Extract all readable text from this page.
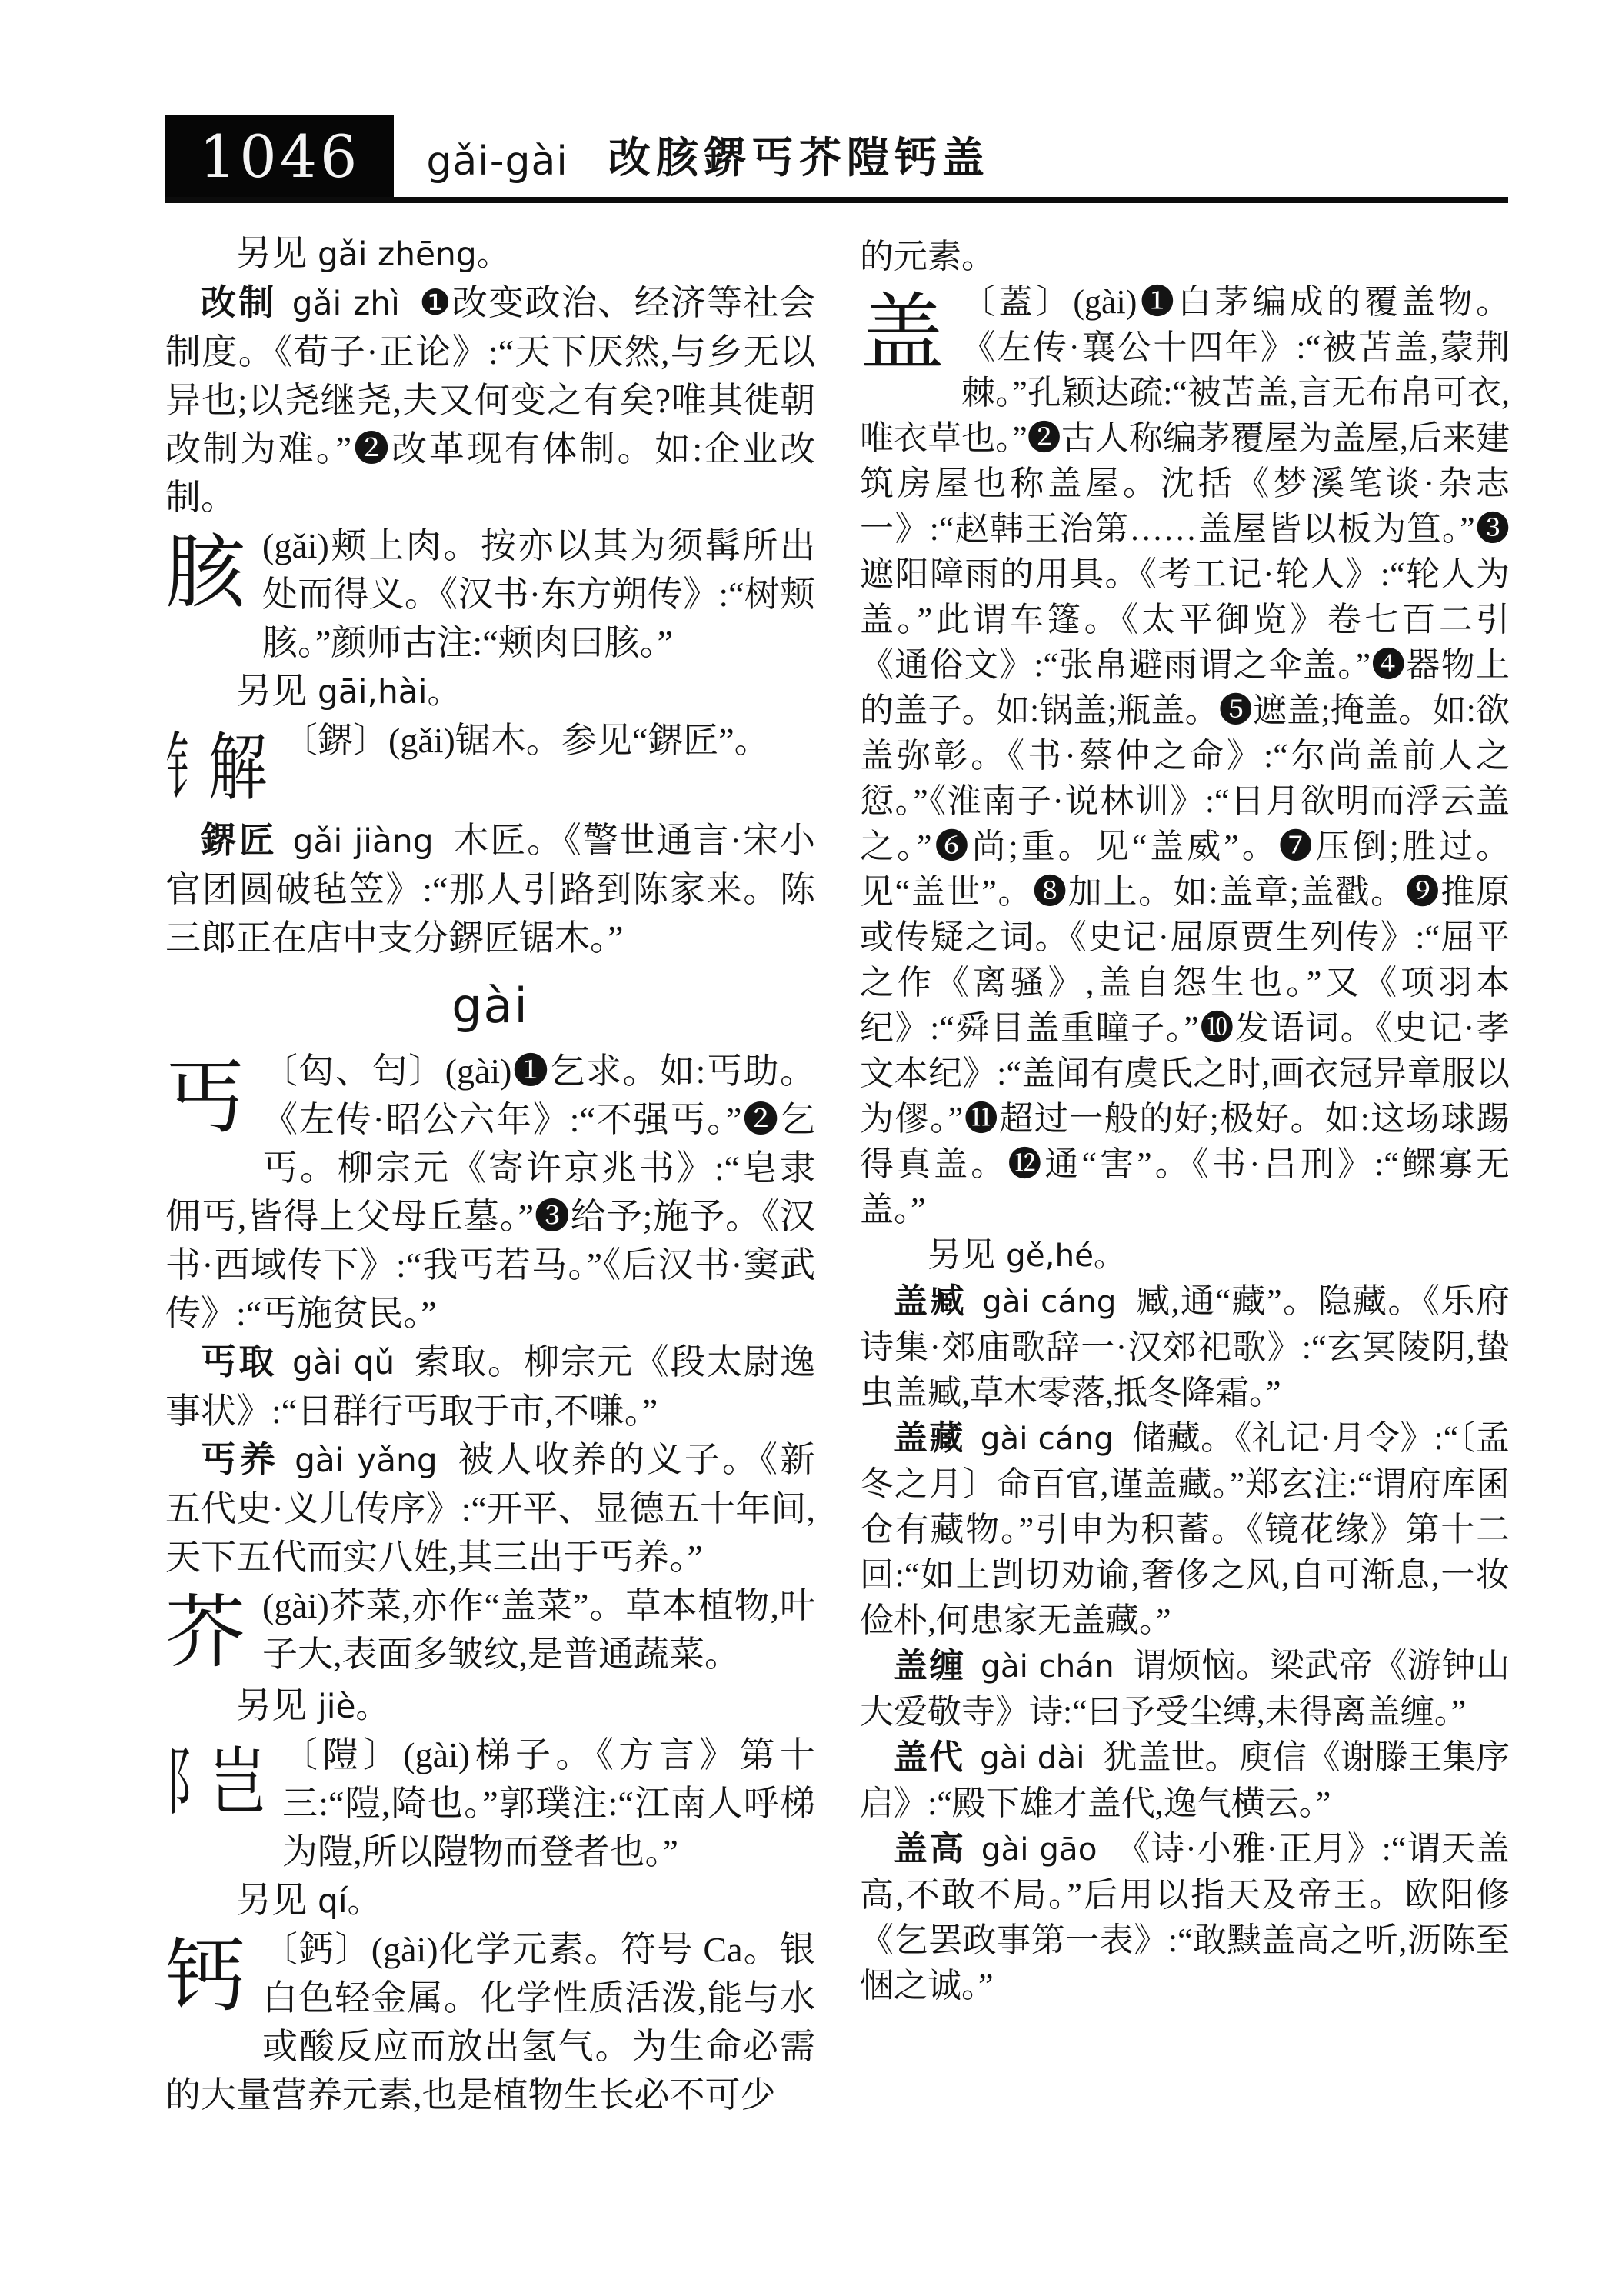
1046	gǎi-gài 改胲鎅丐芥隑钙盖

另见 gǎi zhēng。

改制 gǎi zhì ❶改变政治、经济等社会制度。《荀子·正论》:“天下厌然,与乡无以异也;以尧继尧,夫又何变之有矣?唯其徙朝改制为难。”❷改革现有体制。如:企业改制。

胲 (gǎi)颊上肉。按亦以其为须髯所出处而得义。《汉书·东方朔传》:“树颊胲。”颜师古注:“颊肉曰胲。”

另见 gāi,hài。

钅
解 〔鎅〕(gǎi)锯木。参见“鎅匠”。

鎅匠 gǎi jiàng 木匠。《警世通言·宋小官团圆破毡笠》:“那人引路到陈家来。陈三郎正在店中支分鎅匠锯木。”

gài

丐 〔匃、匄〕(gài)❶乞求。如:丐助。《左传·昭公六年》:“不强丐。”❷乞丐。柳宗元《寄许京兆书》:“皂隶佣丐,皆得上父母丘墓。”❸给予;施予。《汉书·西域传下》:“我丐若马。”《后汉书·窦武传》:“丐施贫民。”

丐取 gài qǔ 索取。柳宗元《段太尉逸事状》:“日群行丐取于市,不嗛。”

丐养 gài yǎng 被人收养的义子。《新五代史·义儿传序》:“开平、显德五十年间,天下五代而实八姓,其三出于丐养。”

芥 (gài)芥菜,亦作“盖菜”。草本植物,叶子大,表面多皱纹,是普通蔬菜。

另见 jiè。

阝
岂 〔隑〕(gài)梯子。《方言》第十三:“隑,陭也。”郭璞注:“江南人呼梯为隑,所以隑物而登者也。”

另见 qí。

钙 〔鈣〕(gài)化学元素。符号 Ca。银白色轻金属。化学性质活泼,能与水或酸反应而放出氢气。为生命必需的大量营养元素,也是植物生长必不可少

的元素。

盖 〔蓋〕(gài)❶白茅编成的覆盖物。《左传·襄公十四年》:“被苫盖,蒙荆棘。”孔颖达疏:“被苫盖,言无布帛可衣,唯衣草也。”❷古人称编茅覆屋为盖屋,后来建筑房屋也称盖屋。沈括《梦溪笔谈·杂志一》:“赵韩王治第……盖屋皆以板为笪。”❸遮阳障雨的用具。《考工记·轮人》:“轮人为盖。”此谓车篷。《太平御览》卷七百二引《通俗文》:“张帛避雨谓之伞盖。”❹器物上的盖子。如:锅盖;瓶盖。❺遮盖;掩盖。如:欲盖弥彰。《书·蔡仲之命》:“尔尚盖前人之愆。”《淮南子·说林训》:“日月欲明而浮云盖之。”❻尚;重。见“盖威”。❼压倒;胜过。见“盖世”。❽加上。如:盖章;盖戳。❾推原或传疑之词。《史记·屈原贾生列传》:“屈平之作《离骚》,盖自怨生也。”又《项羽本纪》:“舜目盖重瞳子。”❿发语词。《史记·孝文本纪》:“盖闻有虞氏之时,画衣冠异章服以为僇。”⓫超过一般的好;极好。如:这场球踢得真盖。⓬通“害”。《书·吕刑》:“鳏寡无盖。”

另见 gě,hé。

盖臧 gài cáng 臧,通“藏”。隐藏。《乐府诗集·郊庙歌辞一·汉郊祀歌》:“玄冥陵阴,蛰虫盖臧,草木零落,抵冬降霜。”

盖藏 gài cáng 储藏。《礼记·月令》:“〔孟冬之月〕命百官,谨盖藏。”郑玄注:“谓府库囷仓有藏物。”引申为积蓄。《镜花缘》第十二回:“如上剀切劝谕,奢侈之风,自可渐息,一妆俭朴,何患家无盖藏。”

盖缠 gài chán 谓烦恼。梁武帝《游钟山大爱敬寺》诗:“曰予受尘缚,未得离盖缠。”

盖代 gài dài 犹盖世。庾信《谢滕王集序启》:“殿下雄才盖代,逸气横云。”

盖高 gài gāo 《诗·小雅·正月》:“谓天盖高,不敢不局。”后用以指天及帝王。欧阳修《乞罢政事第一表》:“敢黩盖高之听,沥陈至悃之诚。”
